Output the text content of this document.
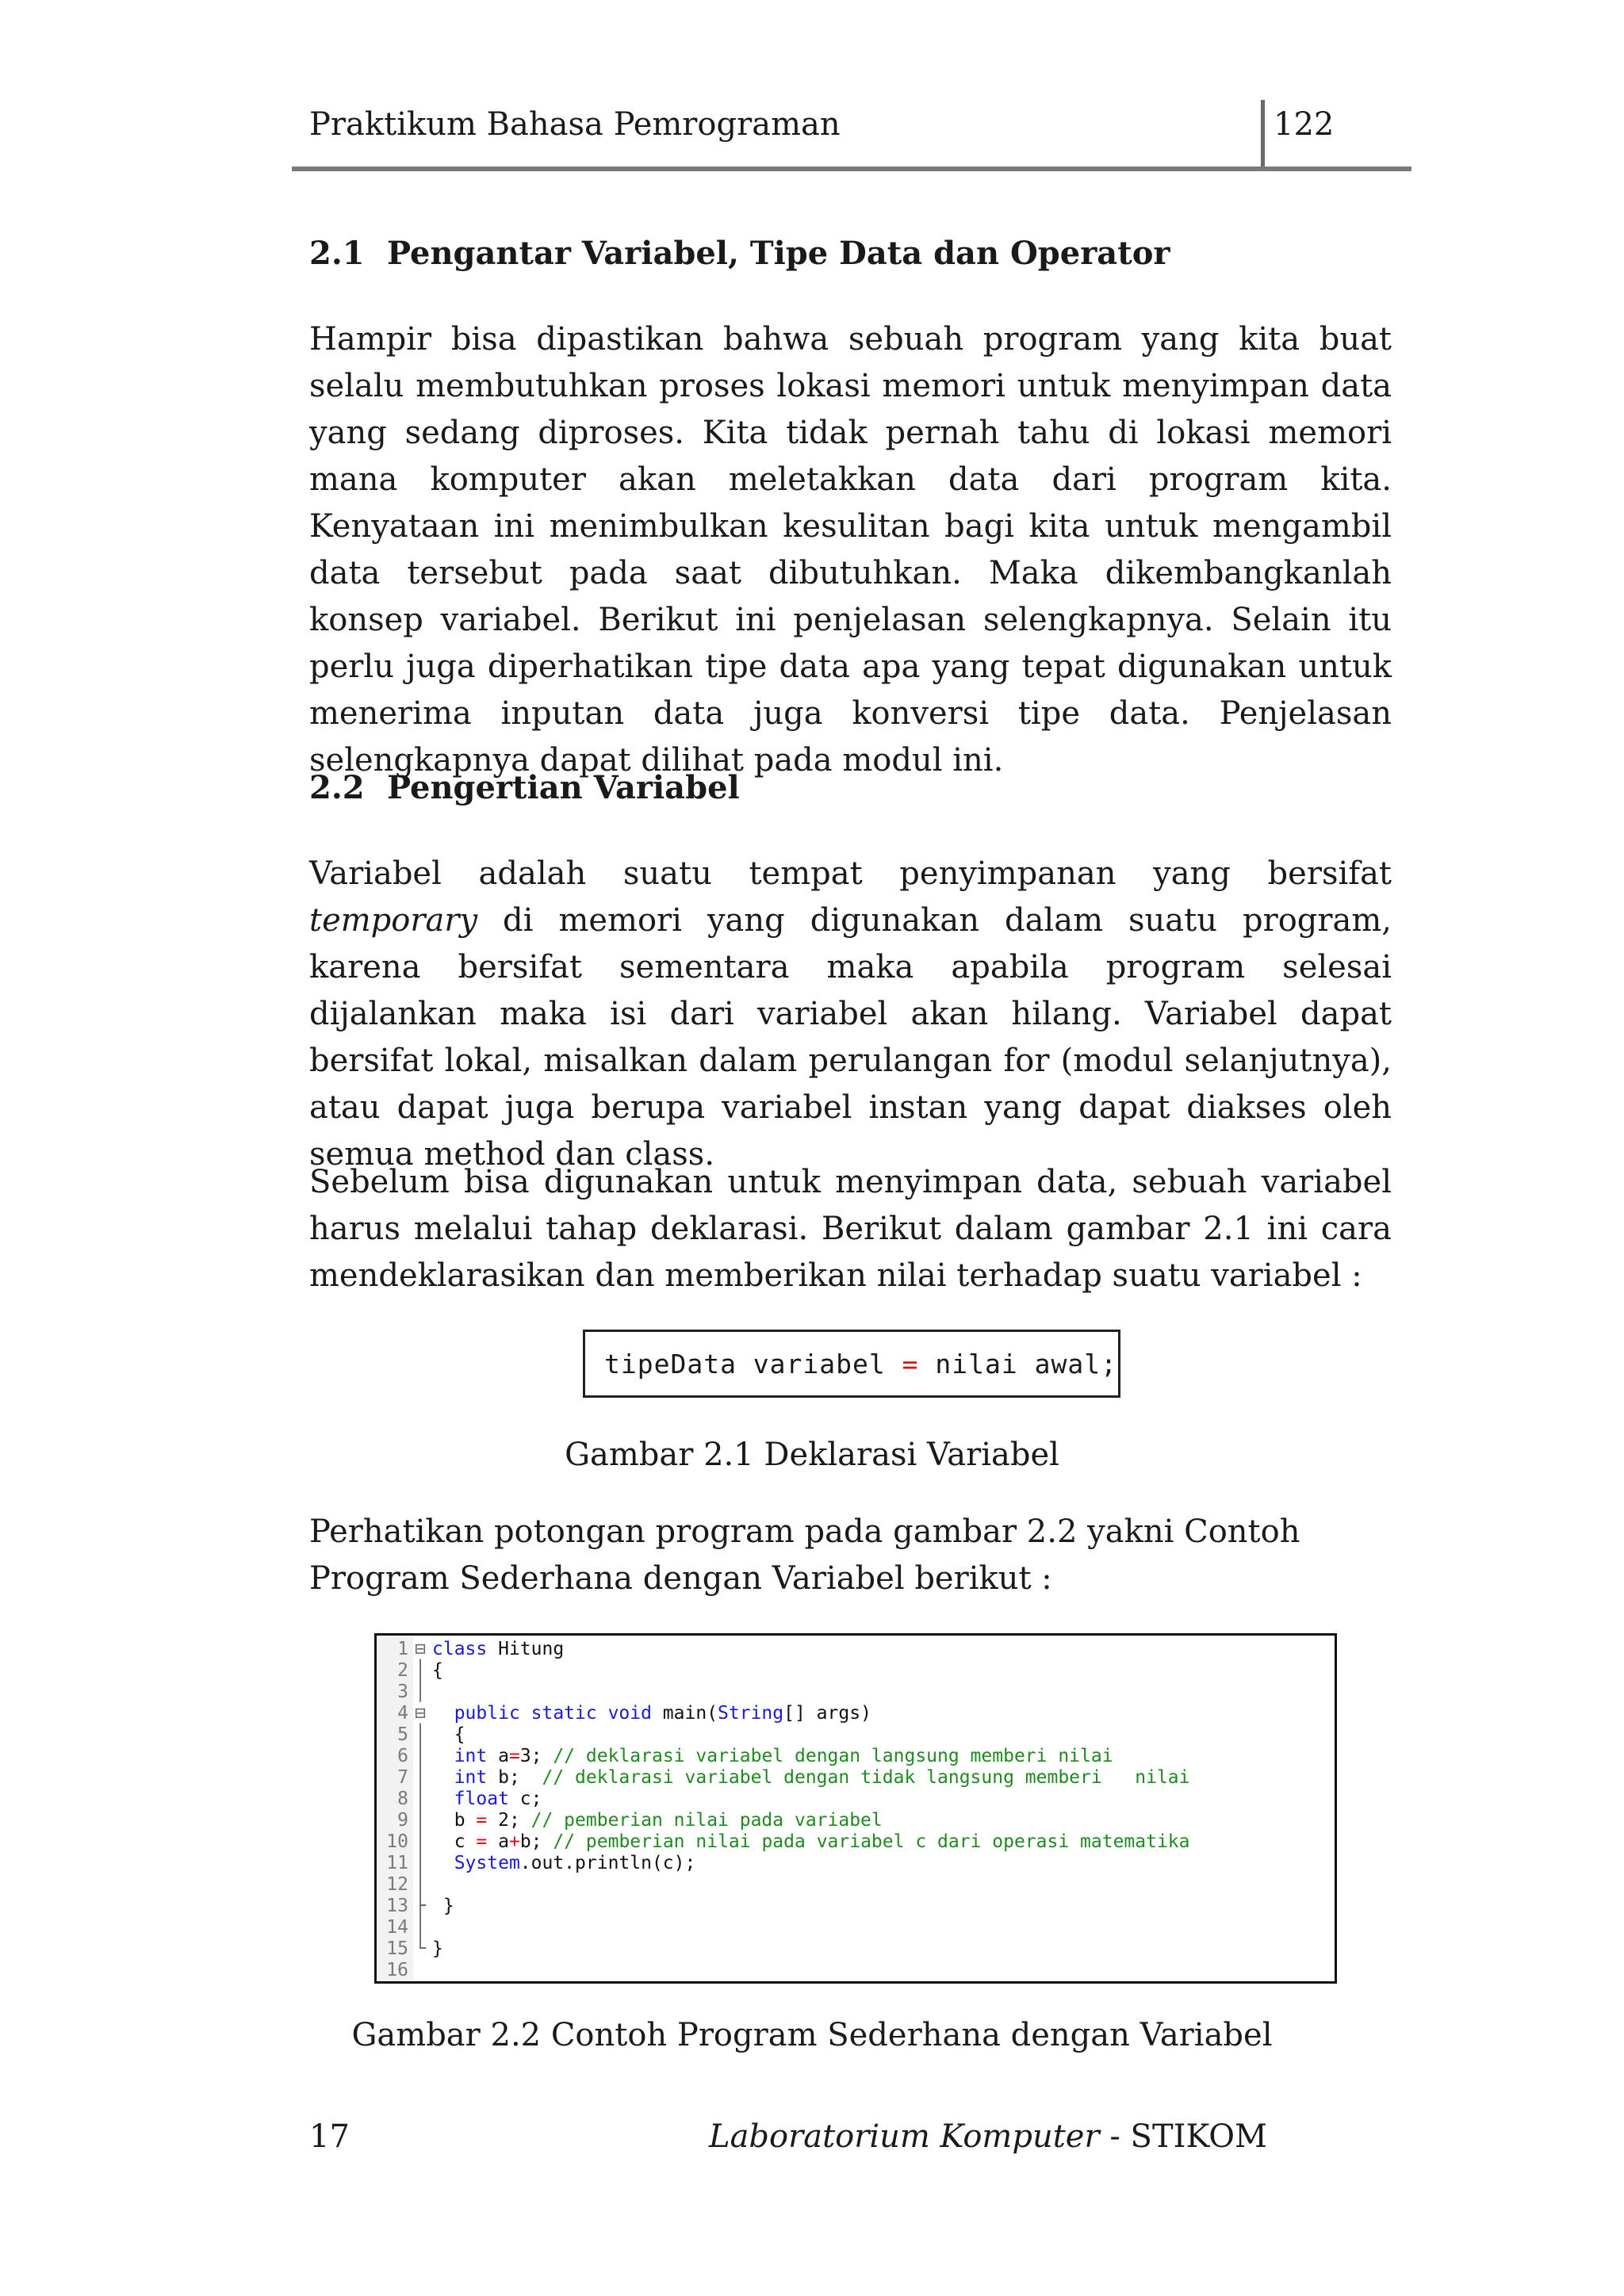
Praktikum Bahasa Pemrograman	122
2.1 Pengantar Variabel, Tipe Data dan Operator

Hampir bisa dipastikan bahwa sebuah program yang kita buat selalu membutuhkan proses lokasi memori untuk menyimpan data yang sedang diproses. Kita tidak pernah tahu di lokasi memori mana komputer akan meletakkan data dari program kita. Kenyataan ini menimbulkan kesulitan bagi kita untuk mengambil data tersebut pada saat dibutuhkan. Maka dikembangkanlah konsep variabel. Berikut ini penjelasan selengkapnya. Selain itu perlu juga diperhatikan tipe data apa yang tepat digunakan untuk menerima inputan data juga konversi tipe data. Penjelasan selengkapnya dapat dilihat pada modul ini.

2.2 Pengertian Variabel

Variabel adalah suatu tempat penyimpanan yang bersifat temporary di memori yang digunakan dalam suatu program, karena bersifat sementara maka apabila program selesai dijalankan maka isi dari variabel akan hilang. Variabel dapat bersifat lokal, misalkan dalam perulangan for (modul selanjutnya), atau dapat juga berupa variabel instan yang dapat diakses oleh semua method dan class.

Sebelum bisa digunakan untuk menyimpan data, sebuah variabel harus melalui tahap deklarasi. Berikut dalam gambar 2.1 ini cara mendeklarasikan dan memberikan nilai terhadap suatu variabel :

tipeData variabel
=
nilai awal;

Gambar 2.1 Deklarasi Variabel

Perhatikan potongan program pada gambar 2.2 yakni Contoh Program Sederhana dengan Variabel berikut :

1 ⊟ class Hitung
2 │ {
3 │
4 ⊟ public static void main(String[] args)
5 │  {
6 │ int a=3; // deklarasi variabel dengan langsung memberi nilai
7 │ int b;  // deklarasi variabel dengan tidak langsung memberi   nilai
8 │ float c;
9 │  b = 2; // pemberian nilai pada variabel
10 │  c = a+b; // pemberian nilai pada variabel c dari operasi matematika
11 │ System.out.println(c);
12 │
13 ├ }
14 │
15 └ }
16

Gambar 2.2 Contoh Program Sederhana dengan Variabel

17	Laboratorium Komputer - STIKOM
